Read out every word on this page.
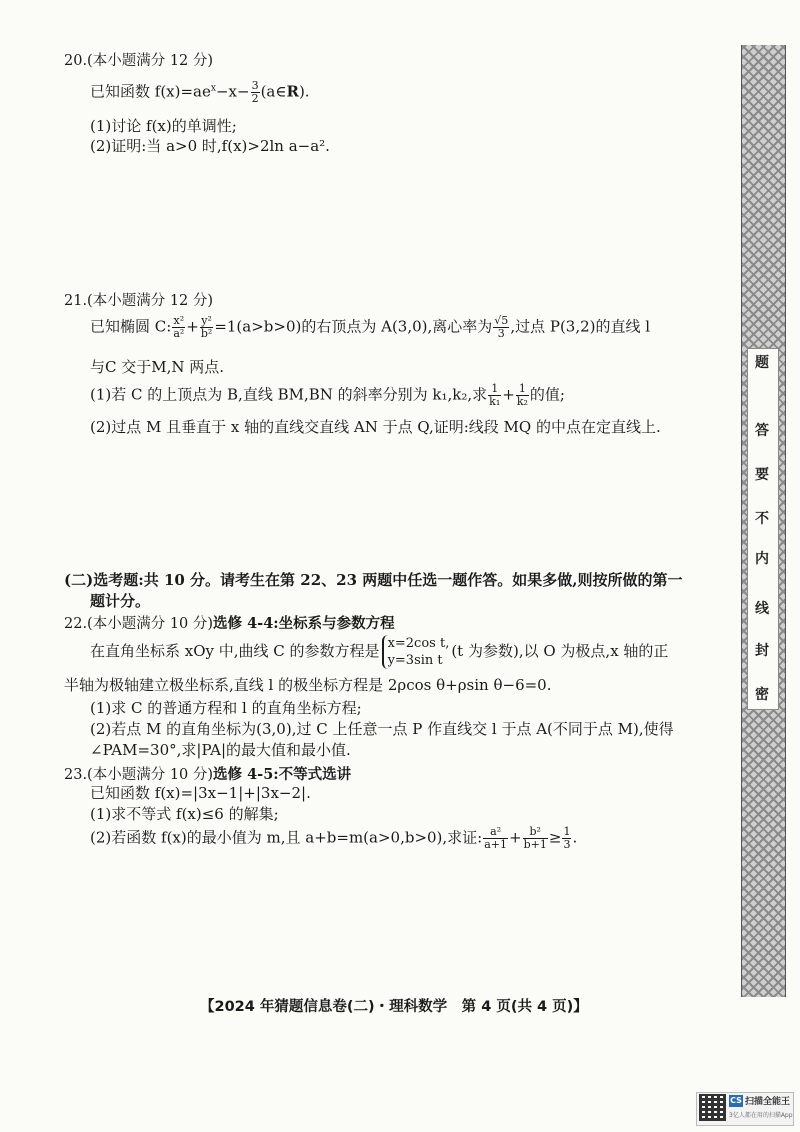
20.(本小题满分 12 分)
已知函数 $f(x)=ae^x-x- \frac{3}{2}$ (a∈R).
(1)讨论 f(x)的单调性;
(2)证明:当 a>0 时,f(x)>2ln a−a².
21.(本小题满分 12 分)
已知椭圆 C: $\frac{\text{x²}}{\text{a²}} + \frac{\text{y²}}{\text{b²}} =1(a>b>0)$的右顶点为 A(3,0),离心率为 $\frac{√5}{3}$ ,过点 P(3,2)的直线 l
与C 交于M,N 两点.
(1)若 C 的上顶点为 B,直线 BM,BN 的斜率分别为 k₁,k₂,求 $\frac{1}{\text{k₁}} + \frac{1}{\text{k₂}}$ 的值;
(2)过点 M 且垂直于 x 轴的直线交直线 AN 于点 Q,证明:线段 MQ 的中点在定直线上.
(二)选考题:共 10 分。请考生在第 22、23 两题中任选一题作答。如果多做,则按所做的第一
题计分。
22.(本小题满分 10 分)选修 4-4:坐标系与参数方程
在直角坐标系 xOy 中,曲线 C 的参数方程是 x=2cos t,
y=3sin t
(t 为参数),以 O 为极点,x 轴的正
半轴为极轴建立极坐标系,直线 l 的极坐标方程是 2ρcos θ+ρsin θ−6=0.
(1)求 C 的普通方程和 l 的直角坐标方程;
(2)若点 M 的直角坐标为(3,0),过 C 上任意一点 P 作直线交 l 于点 A(不同于点 M),使得
∠PAM=30°,求|PA|的最大值和最小值.
23.(本小题满分 10 分)选修 4-5:不等式选讲
已知函数 f(x)=|3x−1|+|3x−2|.
(1)求不等式 f(x)≤6 的解集;
(2)若函数 f(x)的最小值为 m,且 a+b=m(a>0,b>0),求证: $\frac{\text{a²}}{a+1} + \frac{\text{b²}}{b+1} \ge \frac{1}{3}$ .
【2024 年猜题信息卷(二)・理科数学　第 4 页(共 4 页)】
题
答
要
不
内
线
封
密
CS 扫描全能王
3亿人都在用的扫描App
